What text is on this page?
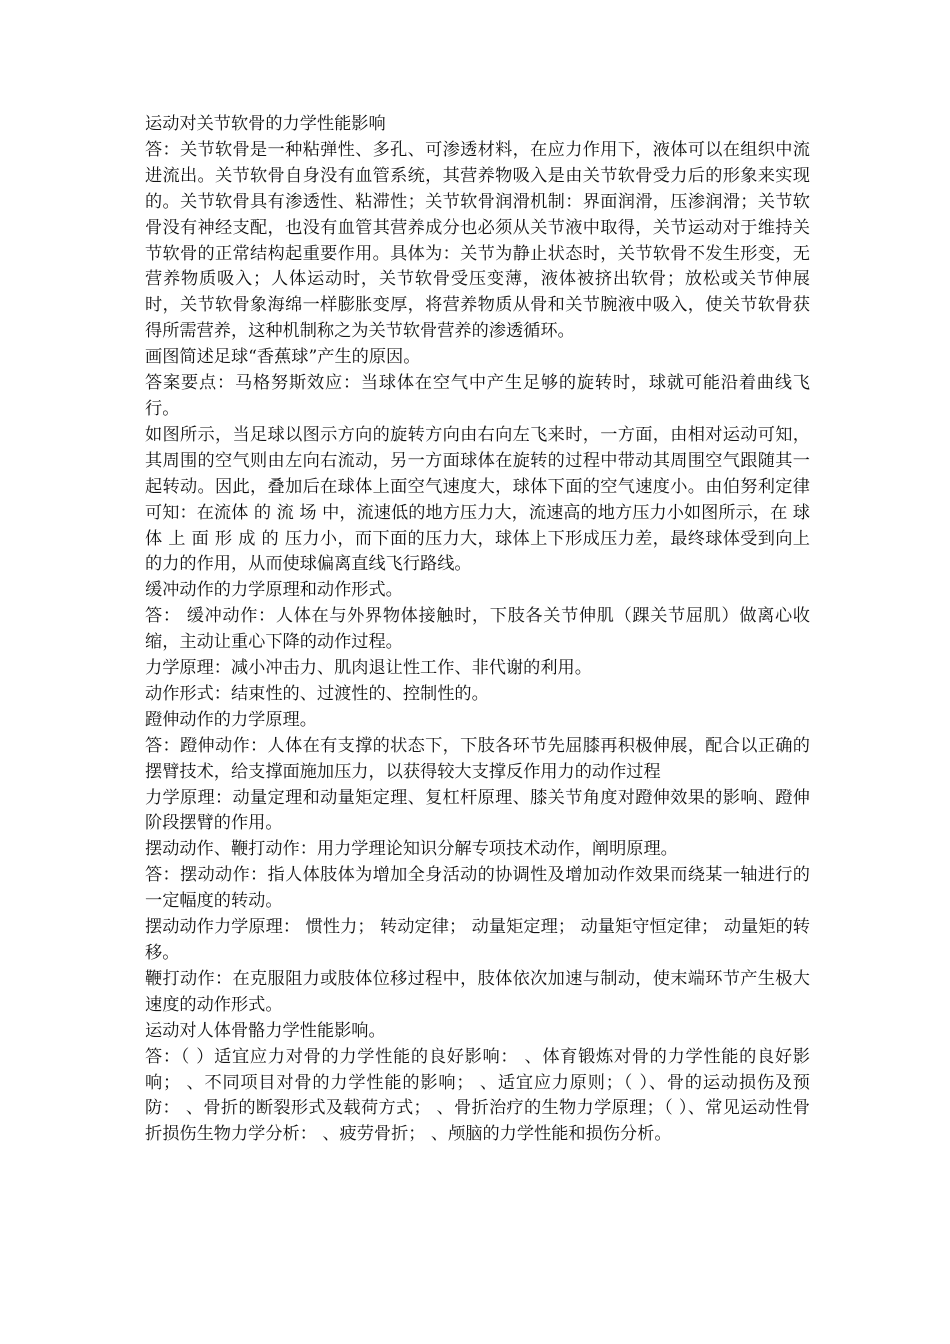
运动对关节软骨的力学性能影响

答：关节软骨是一种粘弹性、多孔、可渗透材料，在应力作用下，液体可以在组织中流进流出。关节软骨自身没有血管系统，其营养物吸入是由关节软骨受力后的形象来实现的。关节软骨具有渗透性、粘滞性；关节软骨润滑机制：界面润滑，压渗润滑；关节软骨没有神经支配，也没有血管其营养成分也必须从关节液中取得，关节运动对于维持关节软骨的正常结构起重要作用。具体为：关节为静止状态时，关节软骨不发生形变，无营养物质吸入；人体运动时，关节软骨受压变薄，液体被挤出软骨；放松或关节伸展时，关节软骨象海绵一样膨胀变厚，将营养物质从骨和关节腕液中吸入，使关节软骨获得所需营养，这种机制称之为关节软骨营养的渗透循环。

画图简述足球“香蕉球”产生的原因。

答案要点：马格努斯效应：当球体在空气中产生足够的旋转时，球就可能沿着曲线飞行。

如图所示，当足球以图示方向的旋转方向由右向左飞来时，一方面，由相对运动可知，其周围的空气则由左向右流动，另一方面球体在旋转的过程中带动其周围空气跟随其一起转动。因此，叠加后在球体上面空气速度大，球体下面的空气速度小。由伯努利定律可知：在流体 的 流 场 中，流速低的地方压力大，流速高的地方压力小如图所示，在 球 体 上 面 形 成 的 压力小，而下面的压力大，球体上下形成压力差，最终球体受到向上的力的作用，从而使球偏离直线飞行路线。

缓冲动作的力学原理和动作形式。

答： 缓冲动作：人体在与外界物体接触时，下肢各关节伸肌（踝关节屈肌）做离心收缩，主动让重心下降的动作过程。

力学原理：减小冲击力、肌肉退让性工作、非代谢的利用。

动作形式：结束性的、过渡性的、控制性的。

蹬伸动作的力学原理。

答：蹬伸动作：人体在有支撑的状态下，下肢各环节先屈膝再积极伸展，配合以正确的摆臂技术，给支撑面施加压力，以获得较大支撑反作用力的动作过程

力学原理：动量定理和动量矩定理、复杠杆原理、膝关节角度对蹬伸效果的影响、蹬伸阶段摆臂的作用。

摆动动作、鞭打动作：用力学理论知识分解专项技术动作，阐明原理。

答：摆动动作：指人体肢体为增加全身活动的协调性及增加动作效果而绕某一轴进行的一定幅度的转动。

摆动动作力学原理： 惯性力； 转动定律； 动量矩定理； 动量矩守恒定律； 动量矩的转移。

鞭打动作：在克服阻力或肢体位移过程中，肢体依次加速与制动，使末端环节产生极大速度的动作形式。

运动对人体骨骼力学性能影响。

答：（ ）适宜应力对骨的力学性能的良好影响： 、体育锻炼对骨的力学性能的良好影响； 、不同项目对骨的力学性能的影响； 、适宜应力原则；（ ）、骨的运动损伤及预防： 、骨折的断裂形式及载荷方式； 、骨折治疗的生物力学原理；（ ）、常见运动性骨折损伤生物力学分析： 、疲劳骨折； 、颅脑的力学性能和损伤分析。
